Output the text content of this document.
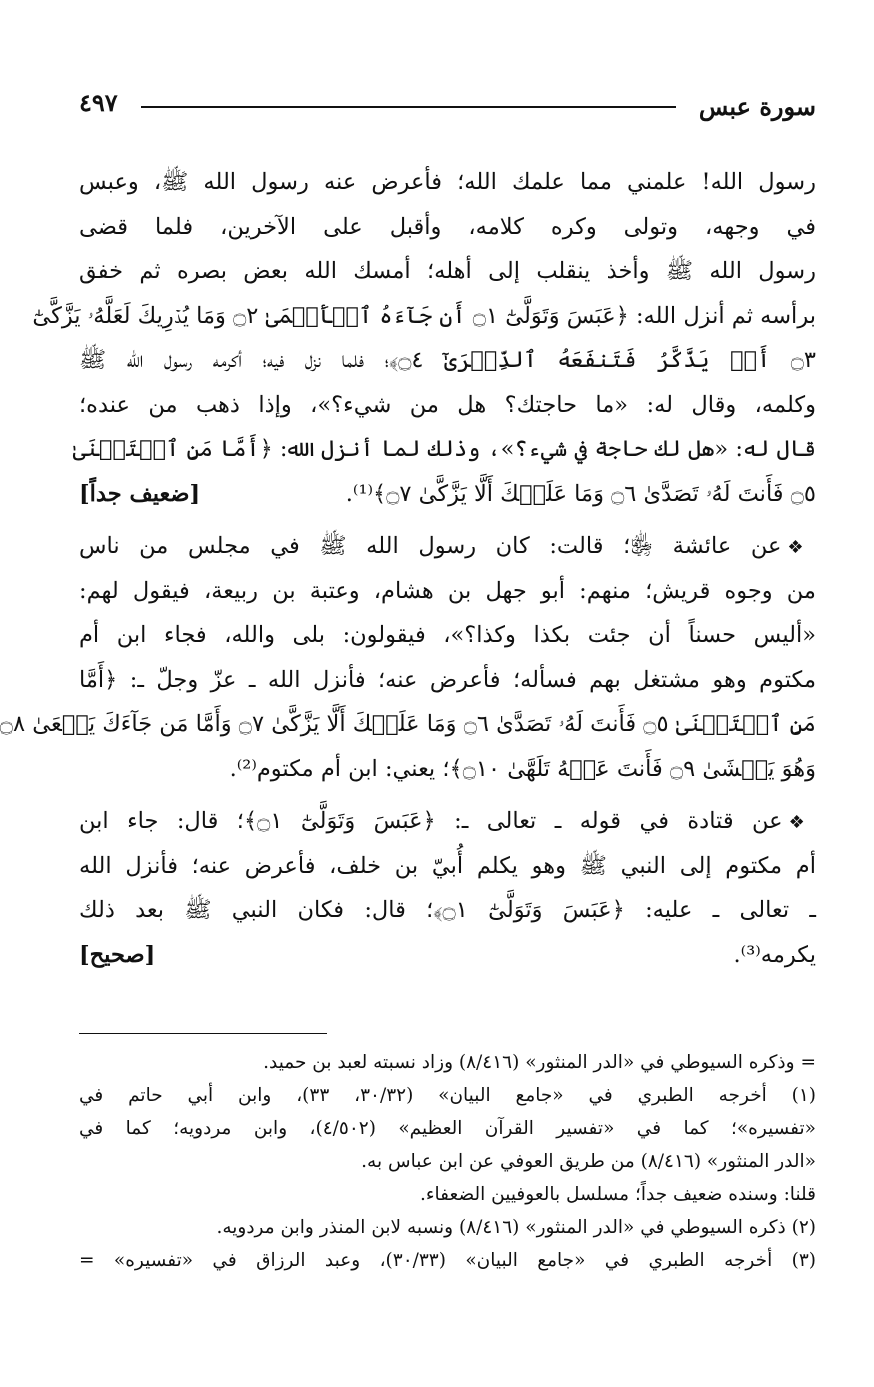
سورة عبس
٤٩٧
رسول الله! علمني مما علمك الله؛ فأعرض عنه رسول الله ﷺ، وعبس
في وجهه، وتولى وكره كلامه، وأقبل على الآخرين، فلما قضى
رسول الله ﷺ وأخذ ينقلب إلى أهله؛ أمسك الله بعض بصره ثم خفق
برأسه ثم أنزل الله: ﴿عَبَسَ وَتَوَلَّىٰٓ ۝١ أَن جَآءَهُ ٱلۡأَعۡمَىٰ ۝٢ وَمَا يُدۡرِيكَ لَعَلَّهُۥ يَزَّكَّىٰٓ
۝٣ أَوۡ يَذَّكَّرُ فَتَنفَعَهُ ٱلذِّكۡرَىٰٓ ۝٤﴾؛ فلما نزل فيه؛ أكرمه رسول الله ﷺ
وكلمه، وقال له: «ما حاجتك؟ هل من شيء؟»، وإذا ذهب من عنده؛
قال له: «هل لك حاجة في شيء؟»، وذلك لما أنزل الله: ﴿أَمَّا مَنِ ٱسۡتَغۡنَىٰ
[ضعيف جداً]	۝٥ فَأَنتَ لَهُۥ تَصَدَّىٰ ۝٦ وَمَا عَلَيۡكَ أَلَّا يَزَّكَّىٰ ۝٧﴾⁽¹⁾.
❖عن عائشة ﵂؛ قالت: كان رسول الله ﷺ في مجلس من ناس
من وجوه قريش؛ منهم: أبو جهل بن هشام، وعتبة بن ربيعة، فيقول لهم:
«أليس حسناً أن جئت بكذا وكذا؟»، فيقولون: بلى والله، فجاء ابن أم
مكتوم وهو مشتغل بهم فسأله؛ فأعرض عنه؛ فأنزل الله ـ عزّ وجلّ ـ: ﴿أَمَّا
مَنِ ٱسۡتَغۡنَىٰ ۝٥ فَأَنتَ لَهُۥ تَصَدَّىٰ ۝٦ وَمَا عَلَيۡكَ أَلَّا يَزَّكَّىٰ ۝٧ وَأَمَّا مَن جَآءَكَ يَسۡعَىٰ ۝٨
وَهُوَ يَخۡشَىٰ ۝٩ فَأَنتَ عَنۡهُ تَلَهَّىٰ ۝١٠﴾؛ يعني: ابن أم مكتوم⁽²⁾.
❖عن قتادة في قوله ـ تعالى ـ: ﴿عَبَسَ وَتَوَلَّىٰٓ ۝١﴾؛ قال: جاء ابن
أم مكتوم إلى النبي ﷺ وهو يكلم أُبيّ بن خلف، فأعرض عنه؛ فأنزل الله
ـ تعالى ـ عليه: ﴿عَبَسَ وَتَوَلَّىٰٓ ۝١﴾؛ قال: فكان النبي ﷺ بعد ذلك
[صحيح]	يكرمه⁽³⁾.
= وذكره السيوطي في «الدر المنثور» (٨/٤١٦) وزاد نسبته لعبد بن حميد.
(١) أخرجه الطبري في «جامع البيان» (٣٠/٣٢، ٣٣)، وابن أبي حاتم في
«تفسيره»؛ كما في «تفسير القرآن العظيم» (٤/٥٠٢)، وابن مردويه؛ كما في
«الدر المنثور» (٨/٤١٦) من طريق العوفي عن ابن عباس به.
قلنا: وسنده ضعيف جداً؛ مسلسل بالعوفيين الضعفاء.
(٢) ذكره السيوطي في «الدر المنثور» (٨/٤١٦) ونسبه لابن المنذر وابن مردويه.
(٣) أخرجه الطبري في «جامع البيان» (٣٠/٣٣)، وعبد الرزاق في «تفسيره» =
